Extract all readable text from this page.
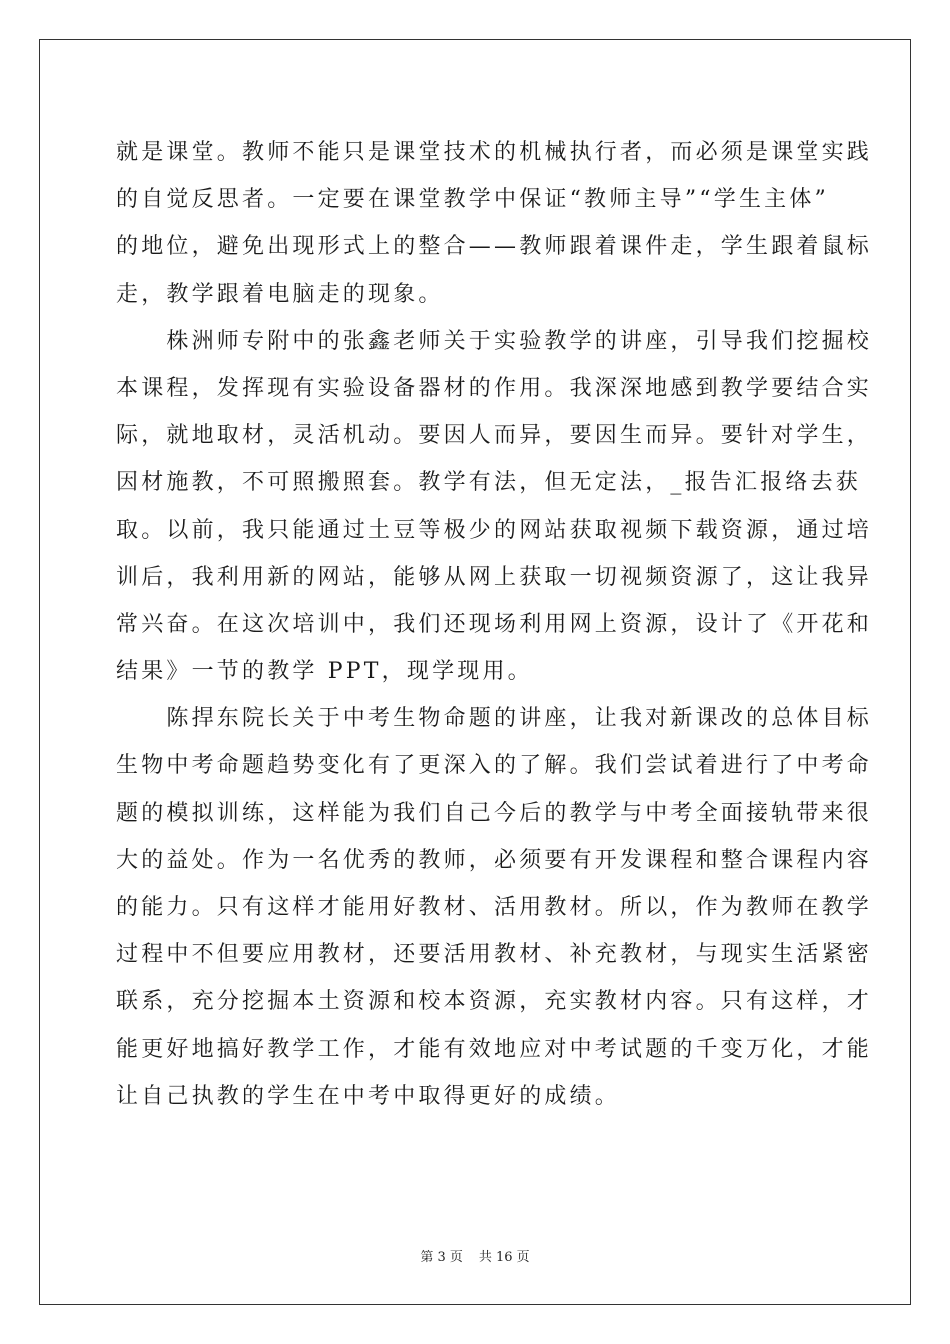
就是课堂。教师不能只是课堂技术的机械执行者，而必须是课堂实践
的自觉反思者。一定要在课堂教学中保证“教师主导”“学生主体”
的地位，避免出现形式上的整合——教师跟着课件走，学生跟着鼠标
走，教学跟着电脑走的现象。
　　株洲师专附中的张鑫老师关于实验教学的讲座，引导我们挖掘校
本课程，发挥现有实验设备器材的作用。我深深地感到教学要结合实
际，就地取材，灵活机动。要因人而异，要因生而异。要针对学生，
因材施教，不可照搬照套。教学有法，但无定法，_报告汇报络去获
取。以前，我只能通过土豆等极少的网站获取视频下载资源，通过培
训后，我利用新的网站，能够从网上获取一切视频资源了，这让我异
常兴奋。在这次培训中，我们还现场利用网上资源，设计了《开花和
结果》一节的教学 PPT，现学现用。
　　陈捍东院长关于中考生物命题的讲座，让我对新课改的总体目标
生物中考命题趋势变化有了更深入的了解。我们尝试着进行了中考命
题的模拟训练，这样能为我们自己今后的教学与中考全面接轨带来很
大的益处。作为一名优秀的教师，必须要有开发课程和整合课程内容
的能力。只有这样才能用好教材、活用教材。所以，作为教师在教学
过程中不但要应用教材，还要活用教材、补充教材，与现实生活紧密
联系，充分挖掘本土资源和校本资源，充实教材内容。只有这样，才
能更好地搞好教学工作，才能有效地应对中考试题的千变万化，才能
让自己执教的学生在中考中取得更好的成绩。
第 3 页 共 16 页
